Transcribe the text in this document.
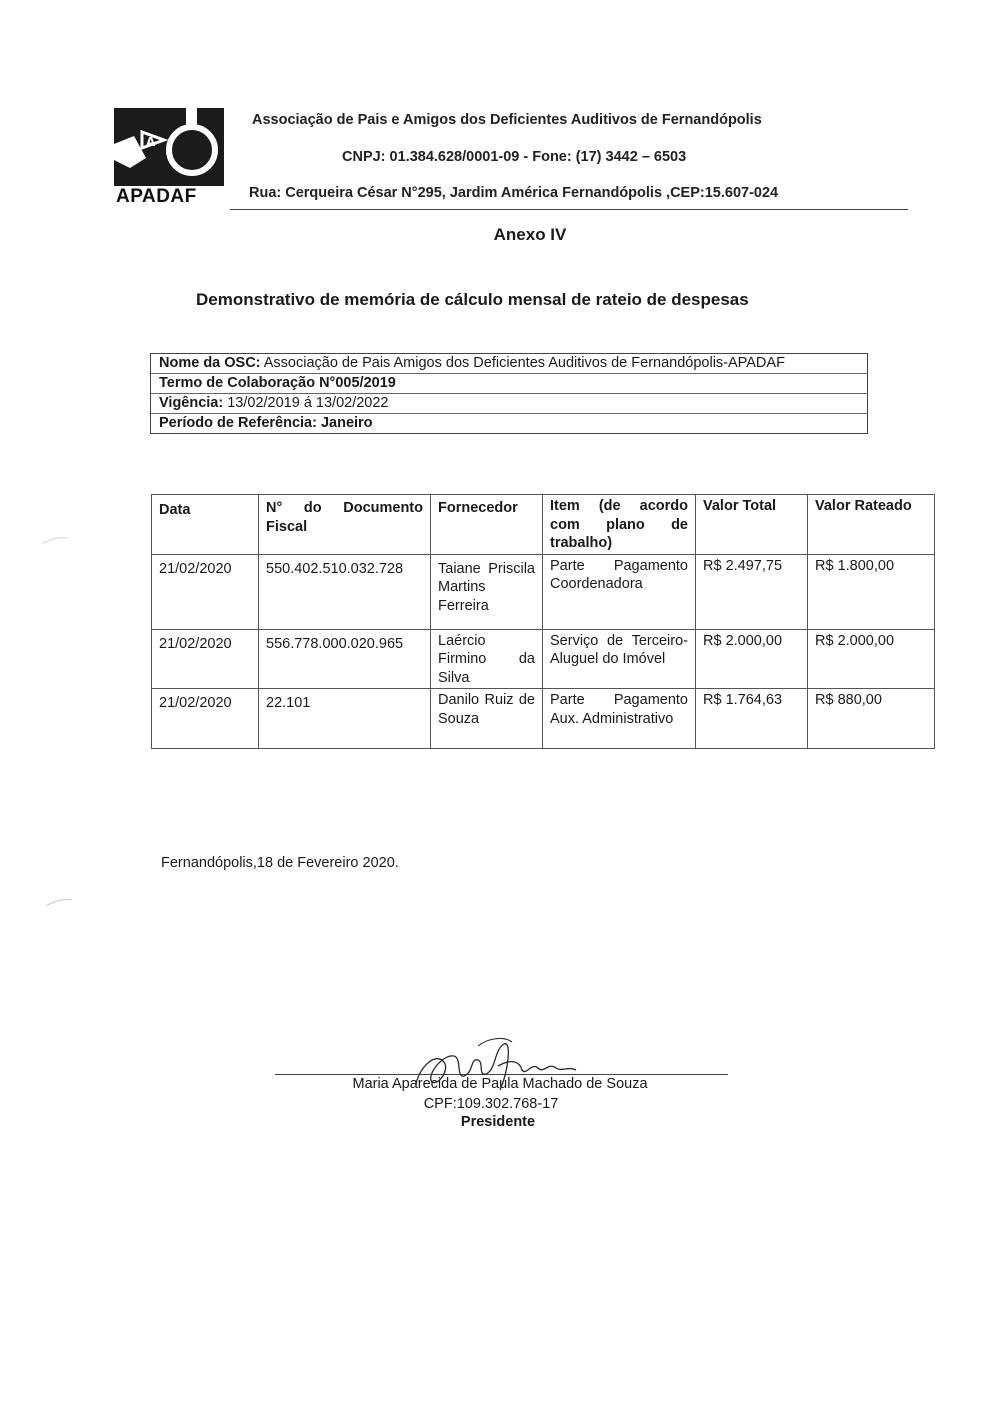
A
APADAF
Associação de Pais e Amigos dos Deficientes Auditivos de Fernandópolis
CNPJ: 01.384.628/0001-09 - Fone: (17) 3442 – 6503
Rua: Cerqueira César N°295, Jardim América Fernandópolis ,CEP:15.607-024
Anexo IV
Demonstrativo de memória de cálculo mensal de rateio de despesas
Nome da OSC: Associação de Pais Amigos dos Deficientes Auditivos de Fernandópolis-APADAF
Termo de Colaboração N°005/2019
Vigência: 13/02/2019 á 13/02/2022
Período de Referência: Janeiro
Data	N° do Documento Fiscal	Fornecedor	Item (de acordo com plano de trabalho)	Valor Total	Valor Rateado
21/02/2020	550.402.510.032.728	Taiane Priscila Martins Ferreira	Parte Pagamento Coordenadora	R$ 2.497,75	R$ 1.800,00
21/02/2020	556.778.000.020.965	Laércio Firmino da Silva	Serviço de Terceiro- Aluguel do Imóvel	R$ 2.000,00	R$ 2.000,00
21/02/2020	22.101	Danilo Ruiz de Souza	Parte Pagamento Aux. Administrativo	R$ 1.764,63	R$ 880,00
Fernandópolis,18 de Fevereiro 2020.
Maria Aparecida de Paula Machado de Souza
CPF:109.302.768-17
Presidente
